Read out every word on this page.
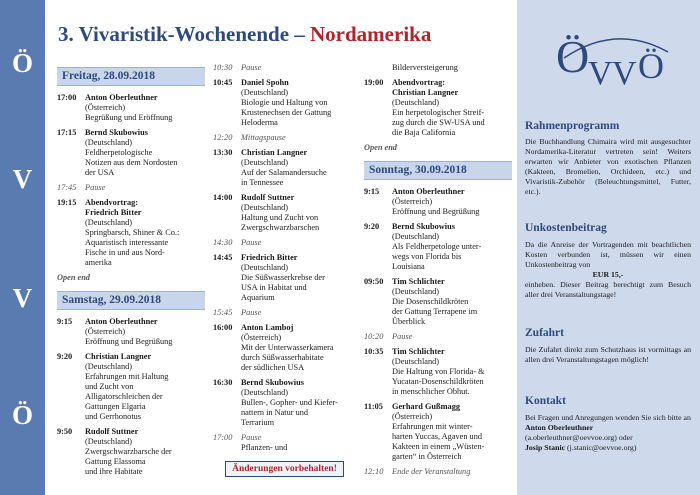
Ö
V
V
Ö
3. Vivaristik-Wochenende – Nordamerika
Freitag, 28.09.2018
17:00	Anton Oberleuthner
(Österreich)
Begrüßung und Eröffnung
17:15	Bernd Skubowius
(Deutschland)
Feldherpetologische
Notizen aus dem Nordosten
der USA
17:45	Pause
19:15	Abendvortrag:
Friedrich Bitter
(Deutschland)
Springbarsch, Shiner & Co.:
Aquaristisch interessante
Fische in und aus Nord-
amerika
Open end
Samstag, 29.09.2018
9:15	Anton Oberleuthner
(Österreich)
Eröffnung und Begrüßung
9:20	Christian Langner
(Deutschland)
Erfahrungen mit Haltung
und Zucht von
Alligatorschleichen der
Gattungen Elgaria
und Gerrhonotus
9:50	Rudolf Suttner
(Deutschland)
Zwergschwarzbarsche der
Gattung Elassoma
und ihre Habitate
10:30	Pause
10:45	Daniel Spohn
(Deutschland)
Biologie und Haltung von
Krustenechsen der Gattung
Heloderma
12:20	Mittagspause
13:30	Christian Langner
(Deutschland)
Auf der Salamandersuche
in Tennessee
14:00	Rudolf Suttner
(Deutschland)
Haltung und Zucht von
Zwergschwarzbarschen
14:30	Pause
14:45	Friedrich Bitter
(Deutschland)
Die Süßwasserkrebse der
USA in Habitat und
Aquarium
15:45	Pause
16:00	Anton Lamboj
(Österreich)
Mit der Unterwasserkamera
durch Süßwasserhabitate
der südlichen USA
16:30	Bernd Skubowius
(Deutschland)
Bullen-, Gopher- und Kiefer-
nattern in Natur und
Terrarium
17:00	Pause
Pflanzen- und
Änderungen vorbehalten!
Bilderversteigerung
19:00	Abendvortrag:
Christian Langner
(Deutschland)
Ein herpetologischer Streif-
zug durch die SW-USA und
die Baja California
Open end
Sonntag, 30.09.2018
9:15	Anton Oberleuthner
(Österreich)
Eröffnung und Begrüßung
9:20	Bernd Skubowius
(Deutschland)
Als Feldherpetologe unter-
wegs von Florida bis
Louisiana
09:50	Tim Schlichter
(Deutschland)
Die Dosenschildkröten
der Gattung Terrapene im
Überblick
10:20	Pause
10:35	Tim Schlichter
(Deutschland)
Die Haltung von Florida- &
Yucatan-Dosenschildkröten
in menschlicher Obhut.
11:05	Gerhard Gußmagg
(Österreich)
Erfahrungen mit winter-
harten Yuccas, Agaven und
Kakteen in einem „Wüsten-
garten“ in Österreich
12:10	Ende der Veranstaltung
Ö
V V Ö
Rahmenprogramm
Die Buchhandlung Chimaira wird mit ausgesuchter Nordamerika-Literatur vertreten sein! Weiters erwarten wir Anbieter von exotischen Pflanzen (Kakteen, Bromelien, Orchideen, etc.) und Vivaristik-Zubehör (Beleuchtungsmittel, Futter, etc.).
Unkostenbeitrag
Da die Anreise der Vortragenden mit beachtlichen Kosten verbunden ist, müssen wir einen Unkostenbeitrag von
EUR 15,-
einheben. Dieser Beitrag berechtigt zum Besuch aller drei Veranstaltungstage!
Zufahrt
Die Zufahrt direkt zum Schutzhaus ist vormittags an allen drei Veranstaltungstagen möglich!
Kontakt
Bei Fragen und Anregungen wenden Sie sich bitte an
Anton Oberleuthner
(a.oberleuthner@oevvoe.org) oder
Josip Stanic (j.stanic@oevvoe.org)
